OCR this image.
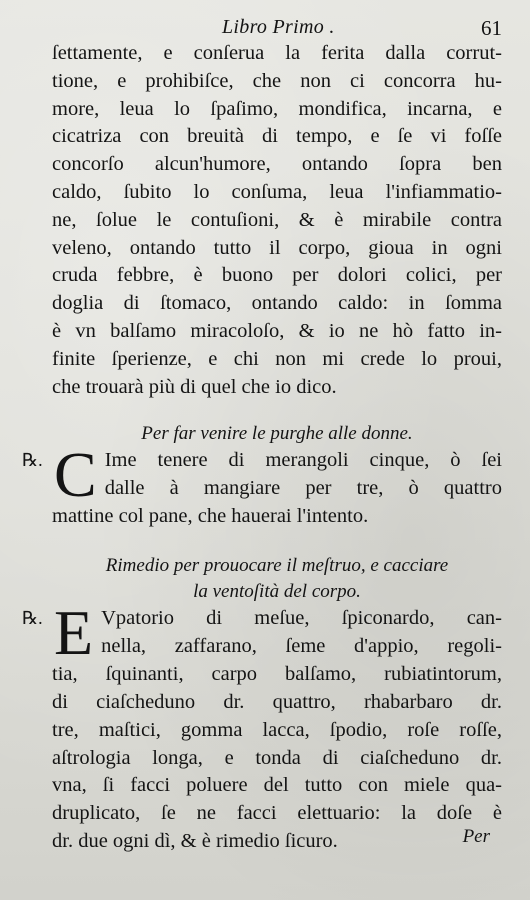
Libro Primo .	61
ſettamente, e conſerua la ferita dalla corrut-
tione, e prohibiſce, che non ci concorra hu-
more, leua lo ſpaſimo, mondifica, incarna, e
cicatriza con breuità di tempo, e ſe vi foſſe
concorſo alcun'humore, ontando ſopra ben
caldo, ſubito lo conſuma, leua l'infiammatio-
ne, ſolue le contuſioni, & è mirabile contra
veleno, ontando tutto il corpo, gioua in ogni
cruda febbre, è buono per dolori colici, per
doglia di ſtomaco, ontando caldo: in ſomma
è vn balſamo miracoloſo, & io ne hò fatto in-
finite ſperienze, e chi non mi crede lo proui,
che trouarà più di quel che io dico.
Per far venire le purghe alle donne.
℞. C Ime tenere di merangoli cinque, ò ſei
dalle à mangiare per tre, ò quattro
mattine col pane, che hauerai l'intento.
Rimedio per prouocare il meſtruo, e cacciare
la ventoſità del corpo.
℞. E Vpatorio di meſue, ſpiconardo, can-
nella, zaffarano, ſeme d'appio, regoli-
tia, ſquinanti, carpo balſamo, rubiatintorum,
di ciaſcheduno dr. quattro, rhabarbaro dr.
tre, maſtici, gomma lacca, ſpodio, roſe roſſe,
aſtrologia longa, e tonda di ciaſcheduno dr.
vna, ſi facci poluere del tutto con miele qua-
druplicato, ſe ne facci elettuario: la doſe è
dr. due ogni dì, & è rimedio ſicuro.	Per
